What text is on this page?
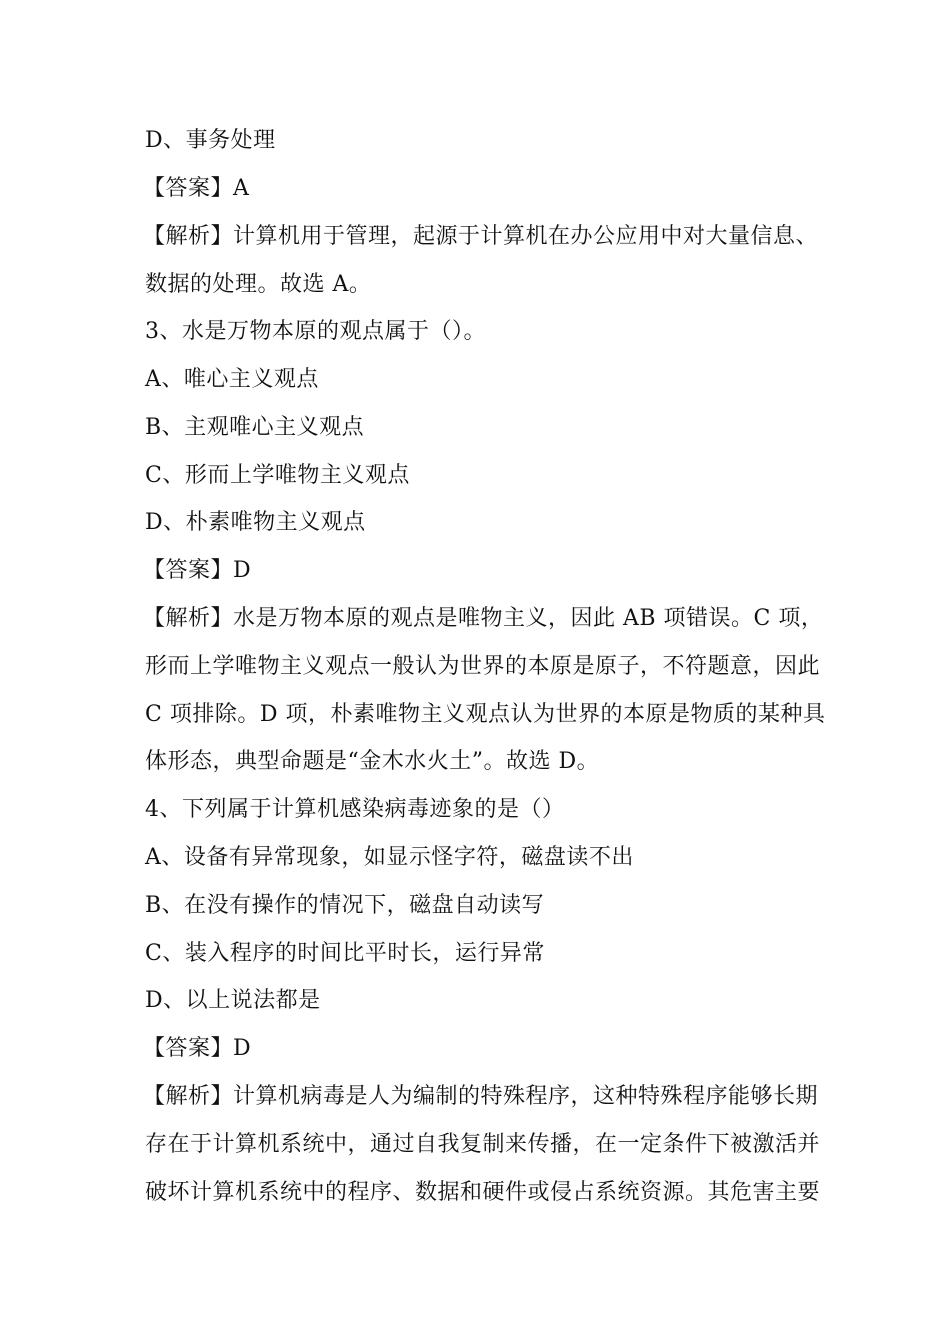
D、事务处理
【答案】A
【解析】计算机用于管理，起源于计算机在办公应用中对大量信息、
数据的处理。故选 A。
3、水是万物本原的观点属于（）。
A、唯心主义观点
B、主观唯心主义观点
C、形而上学唯物主义观点
D、朴素唯物主义观点
【答案】D
【解析】水是万物本原的观点是唯物主义，因此 AB 项错误。C 项，
形而上学唯物主义观点一般认为世界的本原是原子，不符题意，因此
C 项排除。D 项，朴素唯物主义观点认为世界的本原是物质的某种具
体形态，典型命题是“金木水火土”。故选 D。
4、下列属于计算机感染病毒迹象的是（）
A、设备有异常现象，如显示怪字符，磁盘读不出
B、在没有操作的情况下，磁盘自动读写
C、装入程序的时间比平时长，运行异常
D、以上说法都是
【答案】D
【解析】计算机病毒是人为编制的特殊程序，这种特殊程序能够长期
存在于计算机系统中，通过自我复制来传播，在一定条件下被激活并
破坏计算机系统中的程序、数据和硬件或侵占系统资源。其危害主要
